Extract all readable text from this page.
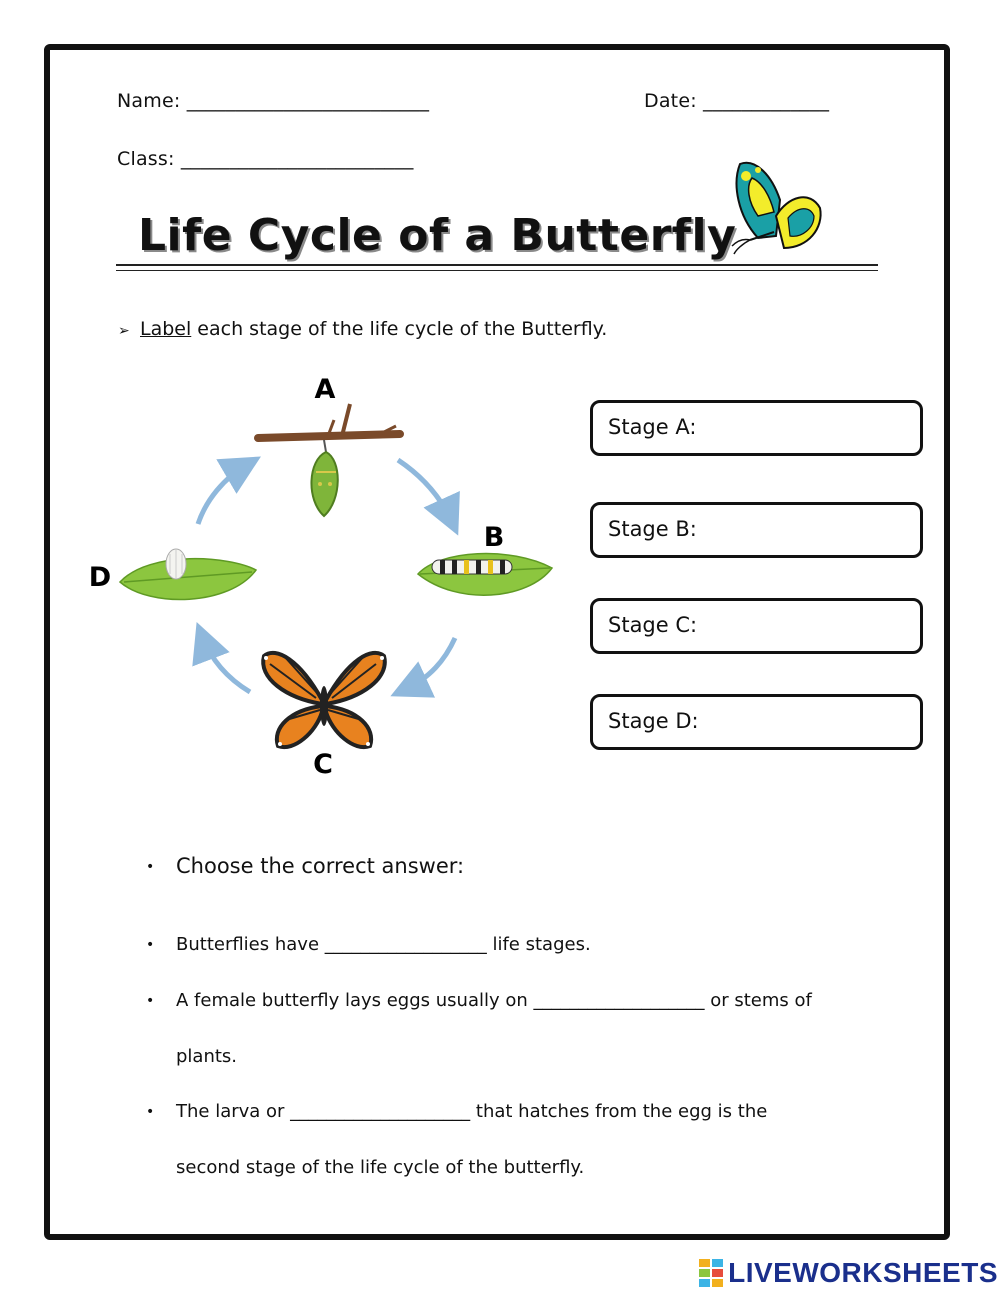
Name: _________________________	Date: _____________
Class: ________________________
Life Cycle of a Butterfly
➢ Label each stage of the life cycle of the Butterfly.
A
B
C
D
Stage A:
Stage B:
Stage C:
Stage D:
• Choose the correct answer:
• Butterflies have __________________ life stages.
• A female butterfly lays eggs usually on ___________________ or stems of
plants.
• The larva or ____________________ that hatches from the egg is the
second stage of the life cycle of the butterfly.
LIVEWORKSHEETS
